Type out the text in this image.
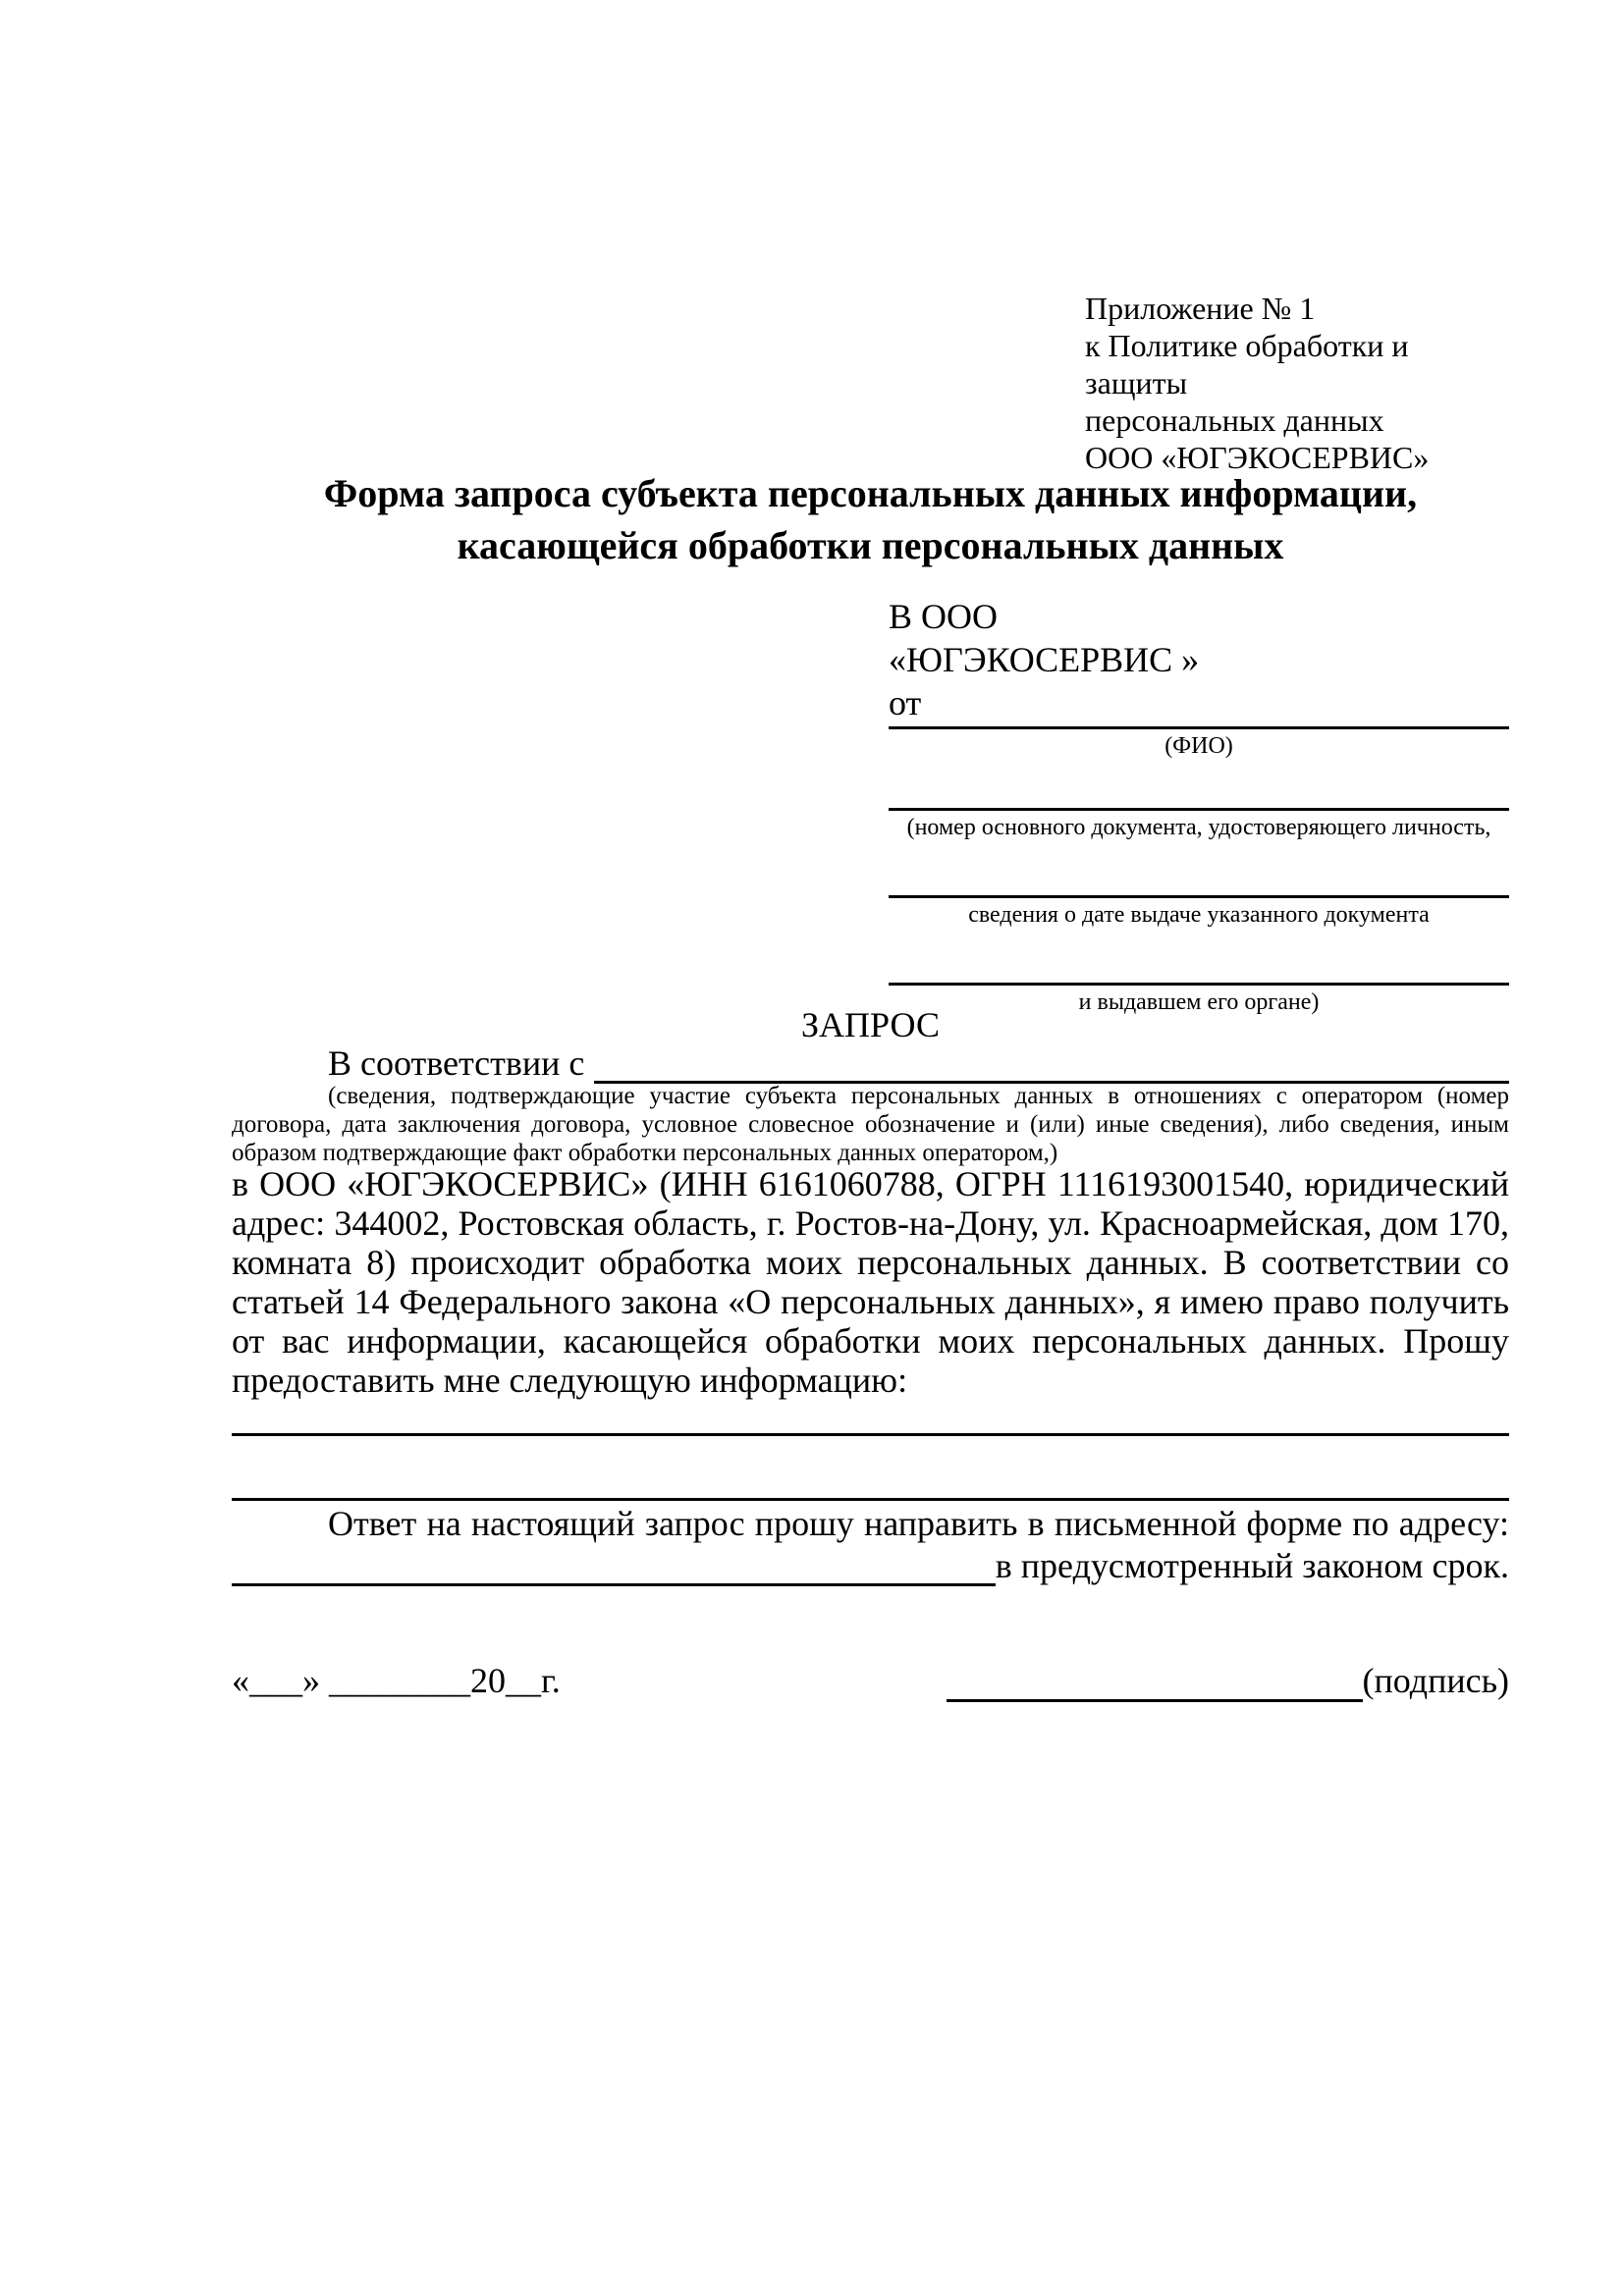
Приложение № 1
к Политике обработки и защиты
персональных данных
ООО «ЮГЭКОСЕРВИС»
Форма запроса субъекта персональных данных информации,
касающейся обработки персональных данных
В ООО
«ЮГЭКОСЕРВИС »
от
(ФИО)
(номер основного документа, удостоверяющего личность,
сведения о дате выдаче указанного документа
и выдавшем его органе)
ЗАПРОС
В соответствии с
(сведения, подтверждающие участие субъекта персональных данных в отношениях с оператором (номер договора, дата заключения договора, условное словесное обозначение и (или) иные сведения), либо сведения, иным образом подтверждающие факт обработки персональных данных оператором,)
в ООО «ЮГЭКОСЕРВИС» (ИНН 6161060788, ОГРН 1116193001540, юридический адрес: 344002, Ростовская область, г. Ростов-на-Дону, ул. Красноармейская, дом 170, комната 8) происходит обработка моих персональных данных. В соответствии со статьей 14 Федерального закона «О персональных данных», я имею право получить от вас информации, касающейся обработки моих персональных данных. Прошу предоставить мне следующую информацию:
Ответ на настоящий запрос прошу направить в письменной форме по адресу:
в предусмотренный законом срок.
«___» ________20__г.	(подпись)
